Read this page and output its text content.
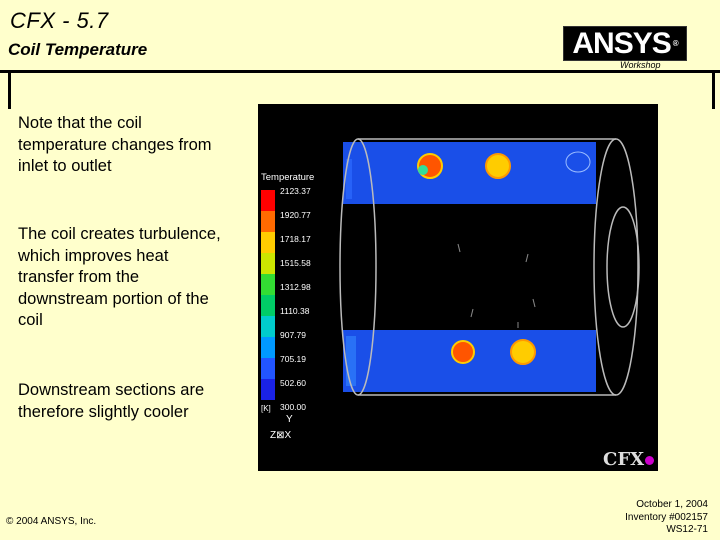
CFX - 5.7
Coil Temperature	ANSYS ®
Workshop
Note that the coil temperature changes from inlet to outlet
The coil creates turbulence, which improves heat transfer from the downstream portion of the coil
Downstream sections are therefore slightly cooler
Temperature
2123.37
1920.77
1718.17
1515.58
1312.98
1110.38
907.79
705.19
502.60
300.00
[K]
Y
Z⊠X
CFX
© 2004 ANSYS, Inc.
October 1, 2004
Inventory #002157
WS12-71
